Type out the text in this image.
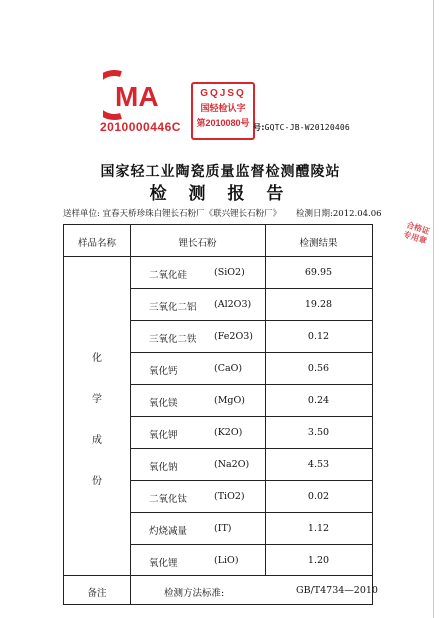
MA
2010000446C
GQJSQ
国轻检认字
第2010080号 号:GQTC-JB-W20120406
国家轻工业陶瓷质量监督检测醴陵站
检 测 报 告
送样单位: 宜春天桥珍珠白锂长石粉厂《联兴锂长石粉厂》 检测日期:2012.04.06
合格证专用章
样品名称	锂长石粉	检测结果
化
学
成
份
二氧化硅	(SiO2)	69.95
三氧化二铝 (Al2O3)	19.28
三氧化二铁 (Fe2O3)	0.12
氧化钙	(CaO)	0.56
氧化镁	(MgO)	0.24
氧化钾	(K2O)	3.50
氧化钠	(Na2O)	4.53
二氧化钛	(TiO2)	0.02
灼烧减量	(IT)	1.12
氧化锂	(LiO)	1.20
备注	检测方法标准:	GB/T4734—2010
